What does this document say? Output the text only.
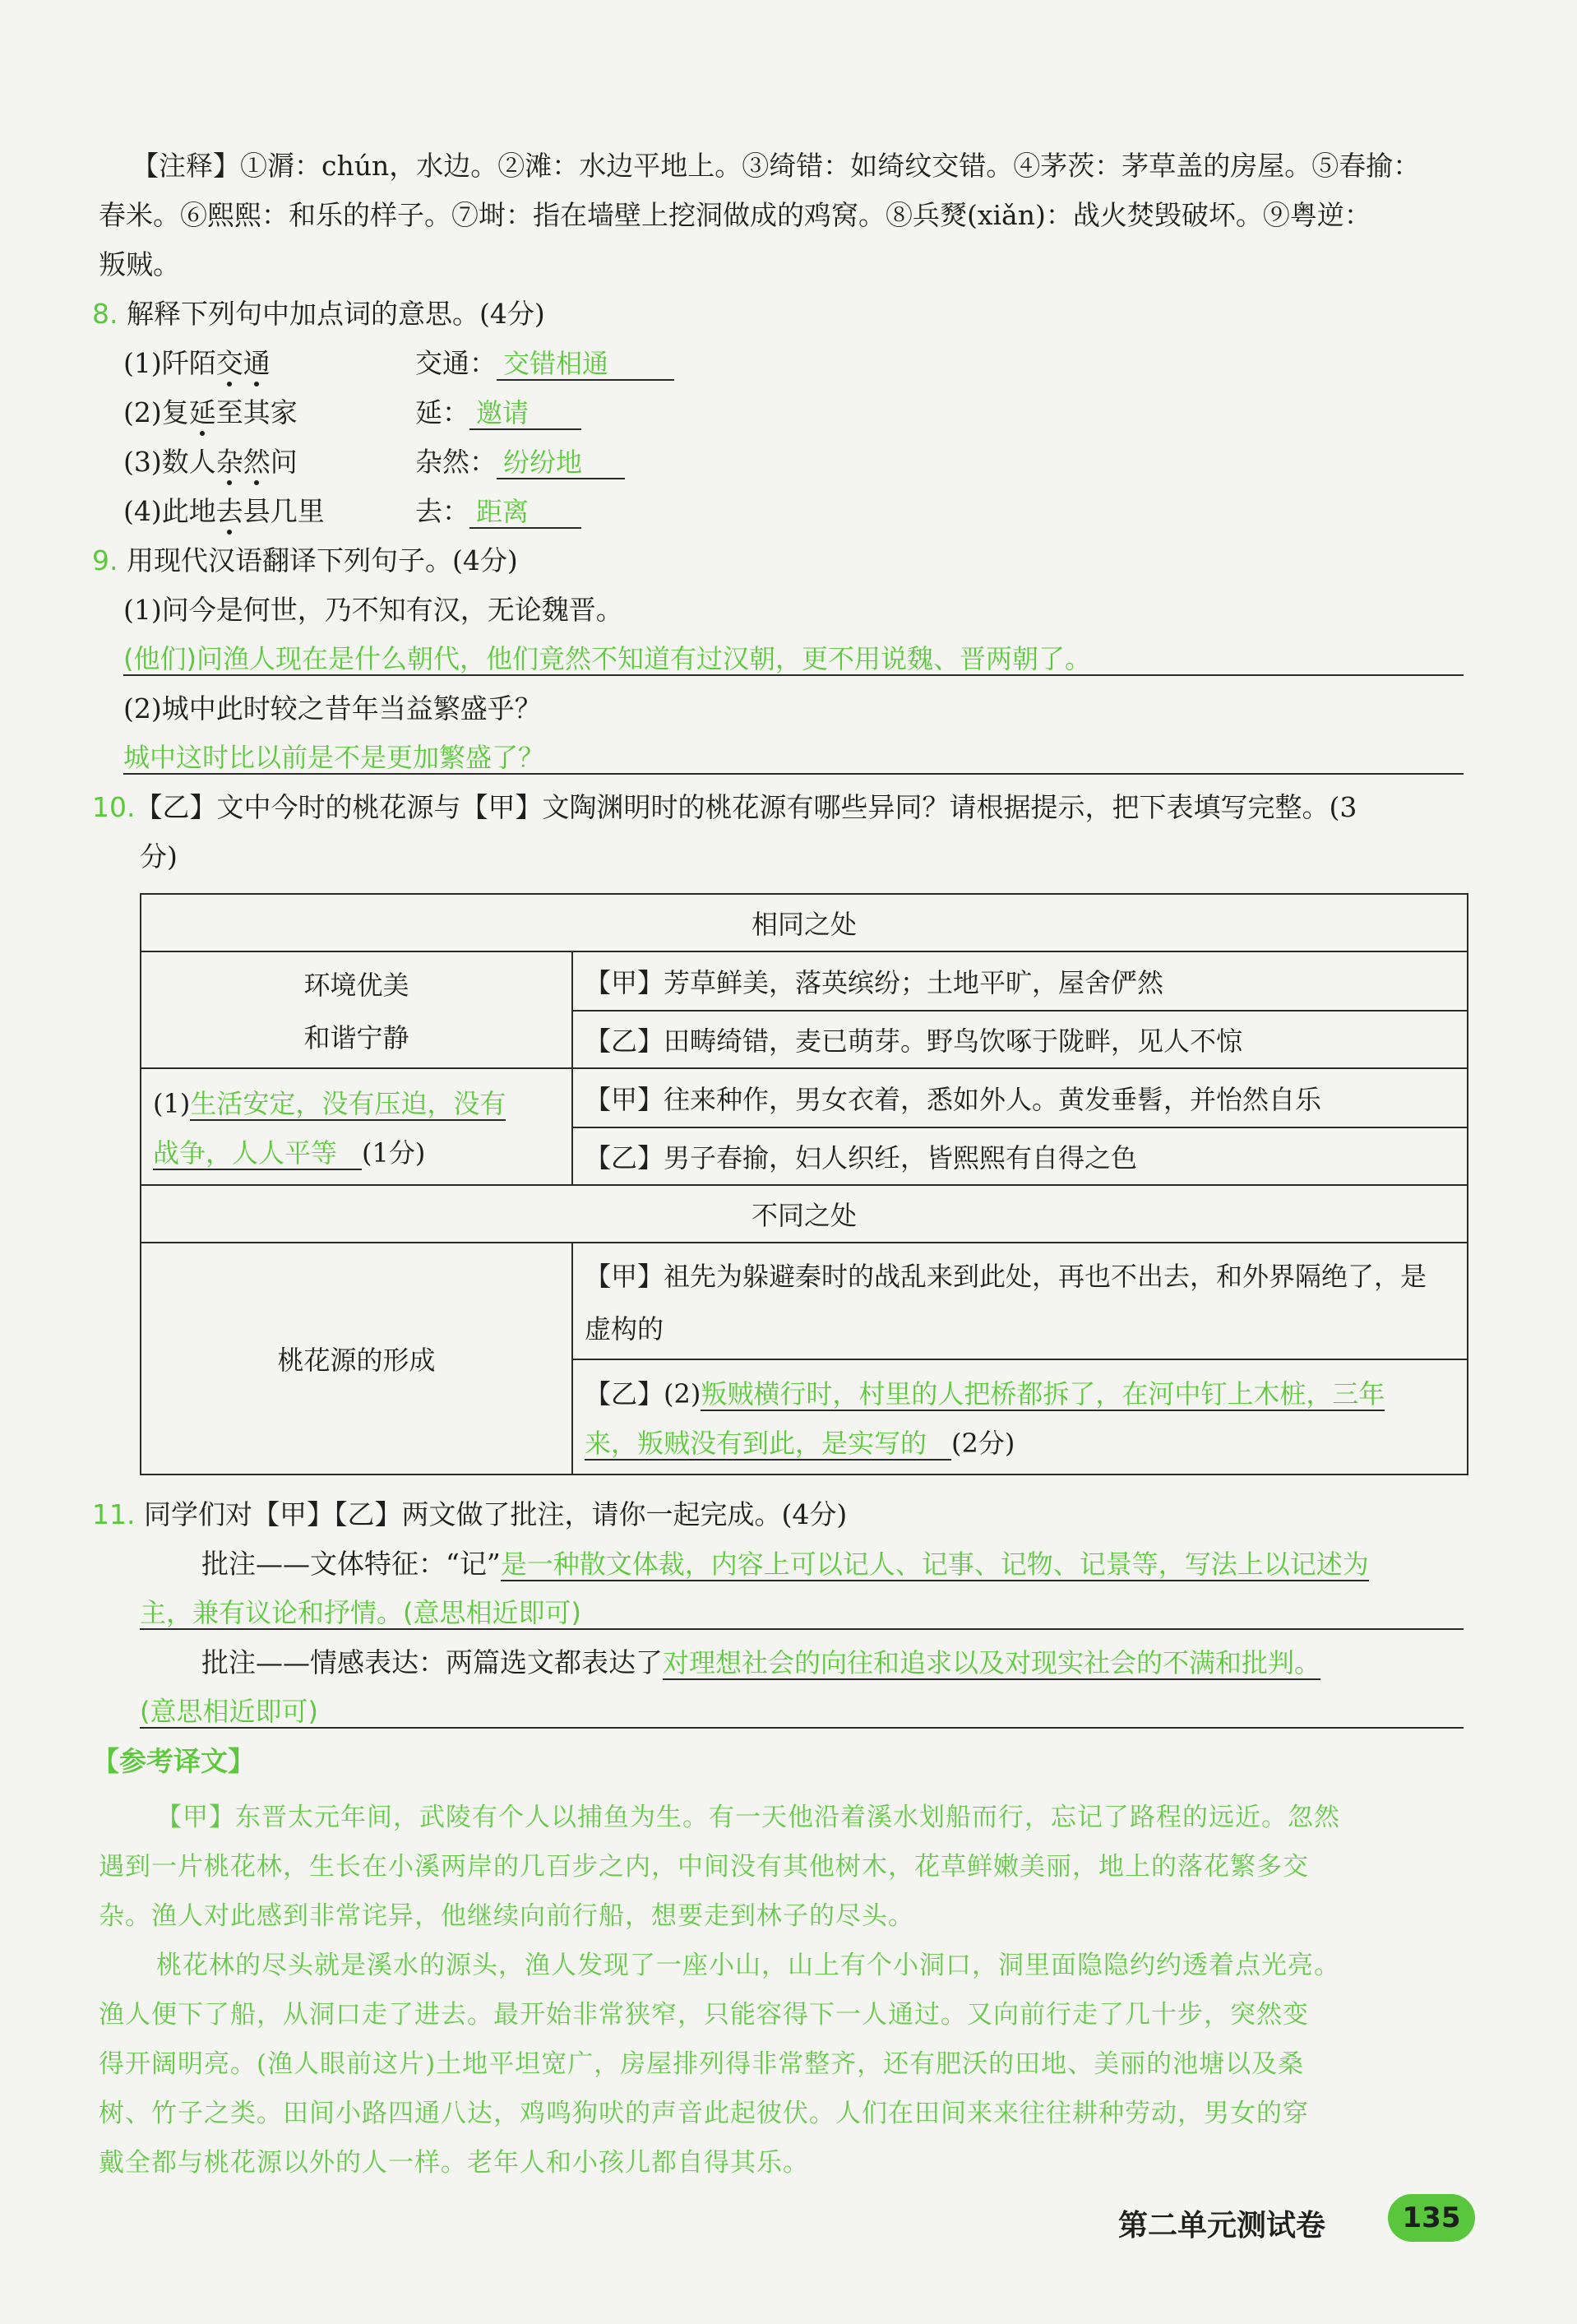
【注释】①漘：chún，水边。②滩：水边平地上。③绮错：如绮纹交错。④茅茨：茅草盖的房屋。⑤春揄：
春米。⑥熙熙：和乐的样子。⑦埘：指在墙壁上挖洞做成的鸡窝。⑧兵燹(xiǎn)：战火焚毁破坏。⑨粤逆：
叛贼。
8. 解释下列句中加点词的意思。(4分)
(1)阡陌交通	交通： 交错相通
(2)复延至其家	延： 邀请
(3)数人杂然问	杂然： 纷纷地
(4)此地去县几里	去： 距离
9. 用现代汉语翻译下列句子。(4分)
(1)问今是何世，乃不知有汉，无论魏晋。
(他们)问渔人现在是什么朝代，他们竟然不知道有过汉朝，更不用说魏、晋两朝了。
(2)城中此时较之昔年当益繁盛乎？
城中这时比以前是不是更加繁盛了？
10.【乙】文中今时的桃花源与【甲】文陶渊明时的桃花源有哪些异同？请根据提示，把下表填写完整。(3
分)
相同之处	

环境优美
和谐宁静	【甲】芳草鲜美，落英缤纷；土地平旷，屋舍俨然
	【乙】田畴绮错，麦已萌芽。野鸟饮啄于陇畔，见人不惊

(1)生活安定，没有压迫，没有
战争，人人平等 (1分)	【甲】往来种作，男女衣着，悉如外人。黄发垂髫，并怡然自乐
	【乙】男子春揄，妇人织纴，皆熙熙有自得之色
不同之处	
桃花源的形成	【甲】祖先为躲避秦时的战乱来到此处，再也不出去，和外界隔绝了，是
虚构的

	【乙】(2)叛贼横行时，村里的人把桥都拆了，在河中钉上木桩，三年
来，叛贼没有到此，是实写的 (2分)
11. 同学们对【甲】【乙】两文做了批注，请你一起完成。(4分)
批注——文体特征：“记”是一种散文体裁，内容上可以记人、记事、记物、记景等，写法上以记述为
主，兼有议论和抒情。(意思相近即可)
批注——情感表达：两篇选文都表达了对理想社会的向往和追求以及对现实社会的不满和批判。
(意思相近即可)
【参考译文】
【甲】东晋太元年间，武陵有个人以捕鱼为生。有一天他沿着溪水划船而行，忘记了路程的远近。忽然
遇到一片桃花林，生长在小溪两岸的几百步之内，中间没有其他树木，花草鲜嫩美丽，地上的落花繁多交
杂。渔人对此感到非常诧异，他继续向前行船，想要走到林子的尽头。
桃花林的尽头就是溪水的源头，渔人发现了一座小山，山上有个小洞口，洞里面隐隐约约透着点光亮。
渔人便下了船，从洞口走了进去。最开始非常狭窄，只能容得下一人通过。又向前行走了几十步，突然变
得开阔明亮。(渔人眼前这片)土地平坦宽广，房屋排列得非常整齐，还有肥沃的田地、美丽的池塘以及桑
树、竹子之类。田间小路四通八达，鸡鸣狗吠的声音此起彼伏。人们在田间来来往往耕种劳动，男女的穿
戴全都与桃花源以外的人一样。老年人和小孩儿都自得其乐。
第二单元测试卷	135
